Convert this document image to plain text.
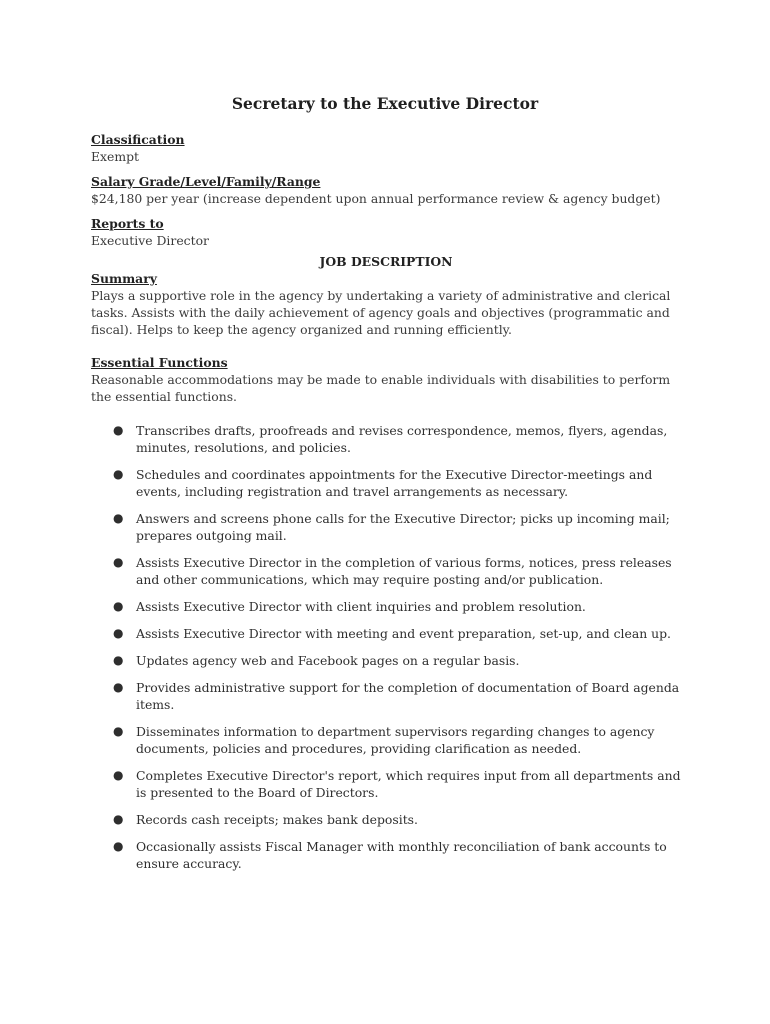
Secretary to the Executive Director
Classification
Exempt
Salary Grade/Level/Family/Range
$24,180 per year (increase dependent upon annual performance review & agency budget)
Reports to
Executive Director
JOB DESCRIPTION
Summary
Plays a supportive role in the agency by undertaking a variety of administrative and clerical tasks. Assists with the daily achievement of agency goals and objectives (programmatic and fiscal). Helps to keep the agency organized and running efficiently.
Essential Functions
Reasonable accommodations may be made to enable individuals with disabilities to perform the essential functions.
● Transcribes drafts, proofreads and revises correspondence, memos, flyers, agendas, minutes, resolutions, and policies.
● Schedules and coordinates appointments for the Executive Director-meetings and events, including registration and travel arrangements as necessary.
● Answers and screens phone calls for the Executive Director; picks up incoming mail; prepares outgoing mail.
● Assists Executive Director in the completion of various forms, notices, press releases and other communications, which may require posting and/or publication.
● Assists Executive Director with client inquiries and problem resolution.
● Assists Executive Director with meeting and event preparation, set-up, and clean up.
● Updates agency web and Facebook pages on a regular basis.
● Provides administrative support for the completion of documentation of Board agenda items.
● Disseminates information to department supervisors regarding changes to agency documents, policies and procedures, providing clarification as needed.
● Completes Executive Director's report, which requires input from all departments and is presented to the Board of Directors.
● Records cash receipts; makes bank deposits.
● Occasionally assists Fiscal Manager with monthly reconciliation of bank accounts to ensure accuracy.
